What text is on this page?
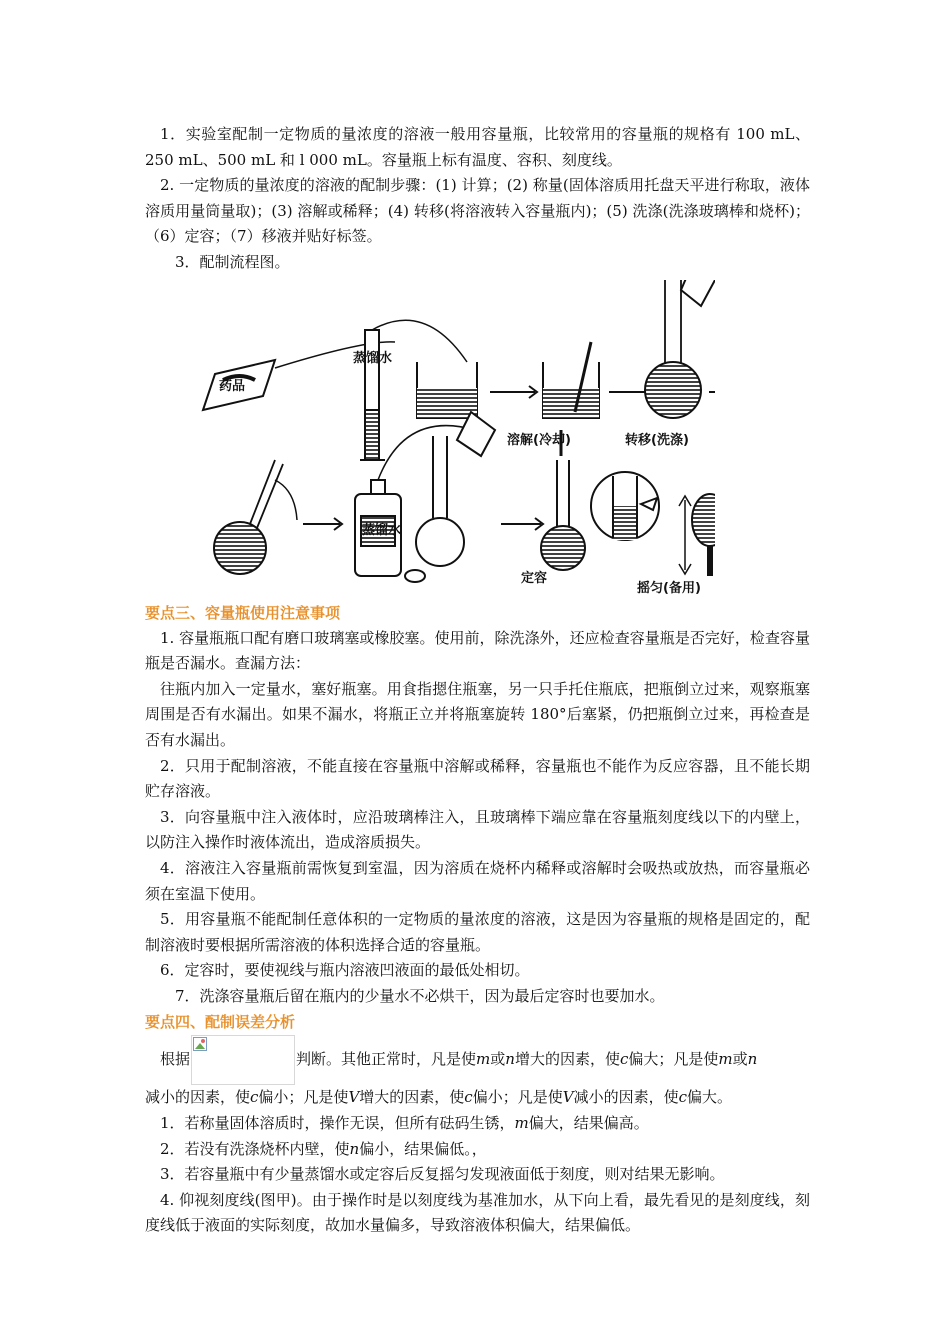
1．实验室配制一定物质的量浓度的溶液一般用容量瓶，比较常用的容量瓶的规格有 100 mL、250 mL、500 mL 和 l 000 mL。容量瓶上标有温度、容积、刻度线。

2. 一定物质的量浓度的溶液的配制步骤：(1) 计算；(2) 称量(固体溶质用托盘天平进行称取，液体溶质用量筒量取)；(3) 溶解或稀释；(4) 转移(将溶液转入容量瓶内)；(5) 洗涤(洗涤玻璃棒和烧杯)；（6）定容；（7）移液并贴好标签。

3．配制流程图。

蒸馏水
溶解(冷却)	转移(洗涤)
蒸馏水
定容
摇匀(备用)
药品
要点三、容量瓶使用注意事项

1. 容量瓶瓶口配有磨口玻璃塞或橡胶塞。使用前，除洗涤外，还应检查容量瓶是否完好，检查容量瓶是否漏水。查漏方法：

往瓶内加入一定量水，塞好瓶塞。用食指摁住瓶塞，另一只手托住瓶底，把瓶倒立过来，观察瓶塞周围是否有水漏出。如果不漏水，将瓶正立并将瓶塞旋转 180°后塞紧，仍把瓶倒立过来，再检查是否有水漏出。

2．只用于配制溶液，不能直接在容量瓶中溶解或稀释，容量瓶也不能作为反应容器，且不能长期贮存溶液。

3．向容量瓶中注入液体时，应沿玻璃棒注入，且玻璃棒下端应靠在容量瓶刻度线以下的内壁上，以防注入操作时液体流出，造成溶质损失。

4．溶液注入容量瓶前需恢复到室温，因为溶质在烧杯内稀释或溶解时会吸热或放热，而容量瓶必须在室温下使用。

5．用容量瓶不能配制任意体积的一定物质的量浓度的溶液，这是因为容量瓶的规格是固定的，配制溶液时要根据所需溶液的体积选择合适的容量瓶。

6．定容时，要使视线与瓶内溶液凹液面的最低处相切。

7．洗涤容量瓶后留在瓶内的少量水不必烘干，因为最后定容时也要加水。

要点四、配制误差分析

根据	判断。其他正常时，凡是使m或n增大的因素，使c偏大；凡是使m或n

减小的因素，使c偏小；凡是使V增大的因素，使c偏小；凡是使V减小的因素，使c偏大。

1．若称量固体溶质时，操作无误，但所有砝码生锈，m偏大，结果偏高。

2．若没有洗涤烧杯内壁，使n偏小，结果偏低。，

3．若容量瓶中有少量蒸馏水或定容后反复摇匀发现液面低于刻度，则对结果无影响。

4. 仰视刻度线(图甲)。由于操作时是以刻度线为基准加水，从下向上看，最先看见的是刻度线，刻度线低于液面的实际刻度，故加水量偏多，导致溶液体积偏大，结果偏低。
